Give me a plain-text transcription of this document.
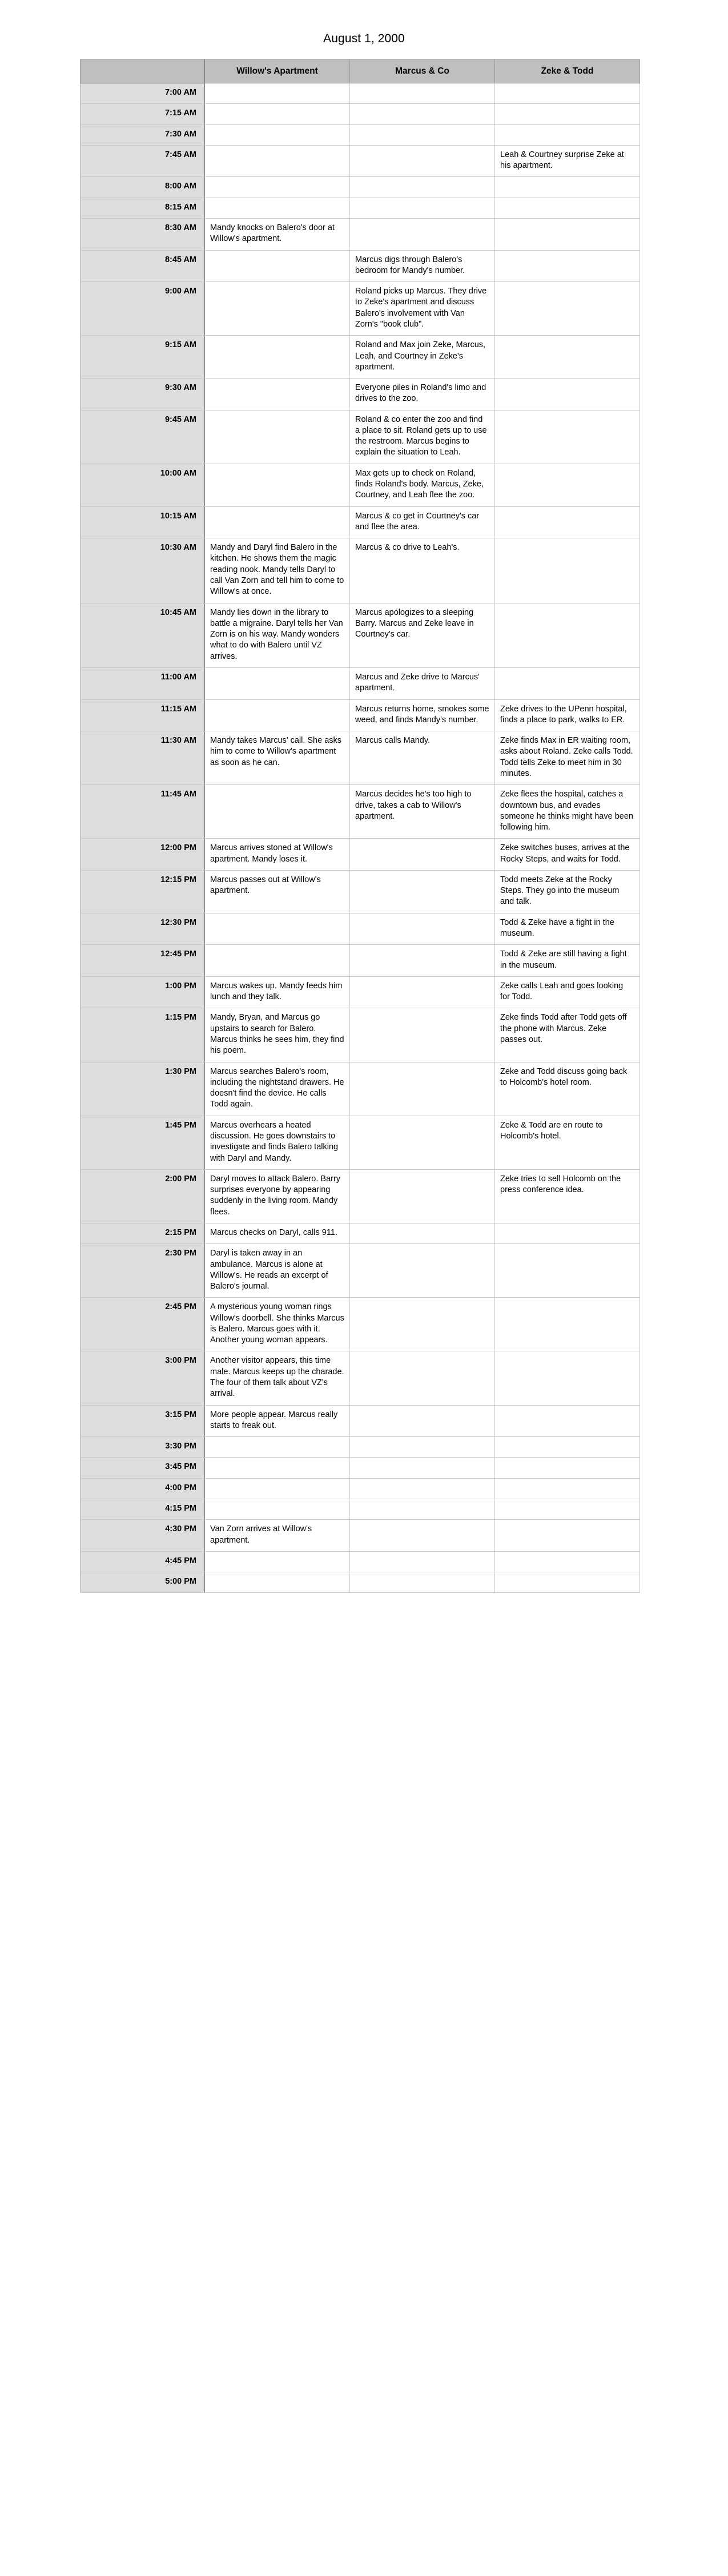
August 1, 2000
	Willow's Apartment	Marcus & Co	Zeke & Todd
7:00 AM			
7:15 AM			
7:30 AM			
7:45 AM			Leah & Courtney surprise Zeke at his apartment.
8:00 AM			
8:15 AM			
8:30 AM	Mandy knocks on Balero's door at Willow's apartment.		
8:45 AM		Marcus digs through Balero's bedroom for Mandy's number.	
9:00 AM		Roland picks up Marcus. They drive to Zeke's apartment and discuss Balero's involvement with Van Zorn's "book club".	
9:15 AM		Roland and Max join Zeke, Marcus, Leah, and Courtney in Zeke's apartment.	
9:30 AM		Everyone piles in Roland's limo and drives to the zoo.	
9:45 AM		Roland & co enter the zoo and find a place to sit. Roland gets up to use the restroom. Marcus begins to explain the situation to Leah.	
10:00 AM		Max gets up to check on Roland, finds Roland's body. Marcus, Zeke, Courtney, and Leah flee the zoo.	
10:15 AM		Marcus & co get in Courtney's car and flee the area.	
10:30 AM	Mandy and Daryl find Balero in the kitchen. He shows them the magic reading nook. Mandy tells Daryl to call Van Zorn and tell him to come to Willow's at once.	Marcus & co drive to Leah's.	
10:45 AM	Mandy lies down in the library to battle a migraine. Daryl tells her Van Zorn is on his way. Mandy wonders what to do with Balero until VZ arrives.	Marcus apologizes to a sleeping Barry. Marcus and Zeke leave in Courtney's car.	
11:00 AM		Marcus and Zeke drive to Marcus' apartment.	
11:15 AM		Marcus returns home, smokes some weed, and finds Mandy's number.	Zeke drives to the UPenn hospital, finds a place to park, walks to ER.
11:30 AM	Mandy takes Marcus' call. She asks him to come to Willow's apartment as soon as he can.	Marcus calls Mandy.	Zeke finds Max in ER waiting room, asks about Roland. Zeke calls Todd. Todd tells Zeke to meet him in 30 minutes.
11:45 AM		Marcus decides he's too high to drive, takes a cab to Willow's apartment.	Zeke flees the hospital, catches a downtown bus, and evades someone he thinks might have been following him.
12:00 PM	Marcus arrives stoned at Willow's apartment. Mandy loses it.		Zeke switches buses, arrives at the Rocky Steps, and waits for Todd.
12:15 PM	Marcus passes out at Willow's apartment.		Todd meets Zeke at the Rocky Steps. They go into the museum and talk.
12:30 PM			Todd & Zeke have a fight in the museum.
12:45 PM			Todd & Zeke are still having a fight in the museum.
1:00 PM	Marcus wakes up. Mandy feeds him lunch and they talk.		Zeke calls Leah and goes looking for Todd.
1:15 PM	Mandy, Bryan, and Marcus go upstairs to search for Balero. Marcus thinks he sees him, they find his poem.		Zeke finds Todd after Todd gets off the phone with Marcus. Zeke passes out.
1:30 PM	Marcus searches Balero's room, including the nightstand drawers. He doesn't find the device. He calls Todd again.		Zeke and Todd discuss going back to Holcomb's hotel room.
1:45 PM	Marcus overhears a heated discussion. He goes downstairs to investigate and finds Balero talking with Daryl and Mandy.		Zeke & Todd are en route to Holcomb's hotel.
2:00 PM	Daryl moves to attack Balero. Barry surprises everyone by appearing suddenly in the living room. Mandy flees.		Zeke tries to sell Holcomb on the press conference idea.
2:15 PM	Marcus checks on Daryl, calls 911.		
2:30 PM	Daryl is taken away in an ambulance. Marcus is alone at Willow's. He reads an excerpt of Balero's journal.		
2:45 PM	A mysterious young woman rings Willow's doorbell. She thinks Marcus is Balero. Marcus goes with it. Another young woman appears.		
3:00 PM	Another visitor appears, this time male. Marcus keeps up the charade. The four of them talk about VZ's arrival.		
3:15 PM	More people appear. Marcus really starts to freak out.		
3:30 PM			
3:45 PM			
4:00 PM			
4:15 PM			
4:30 PM	Van Zorn arrives at Willow's apartment.		
4:45 PM			
5:00 PM			
